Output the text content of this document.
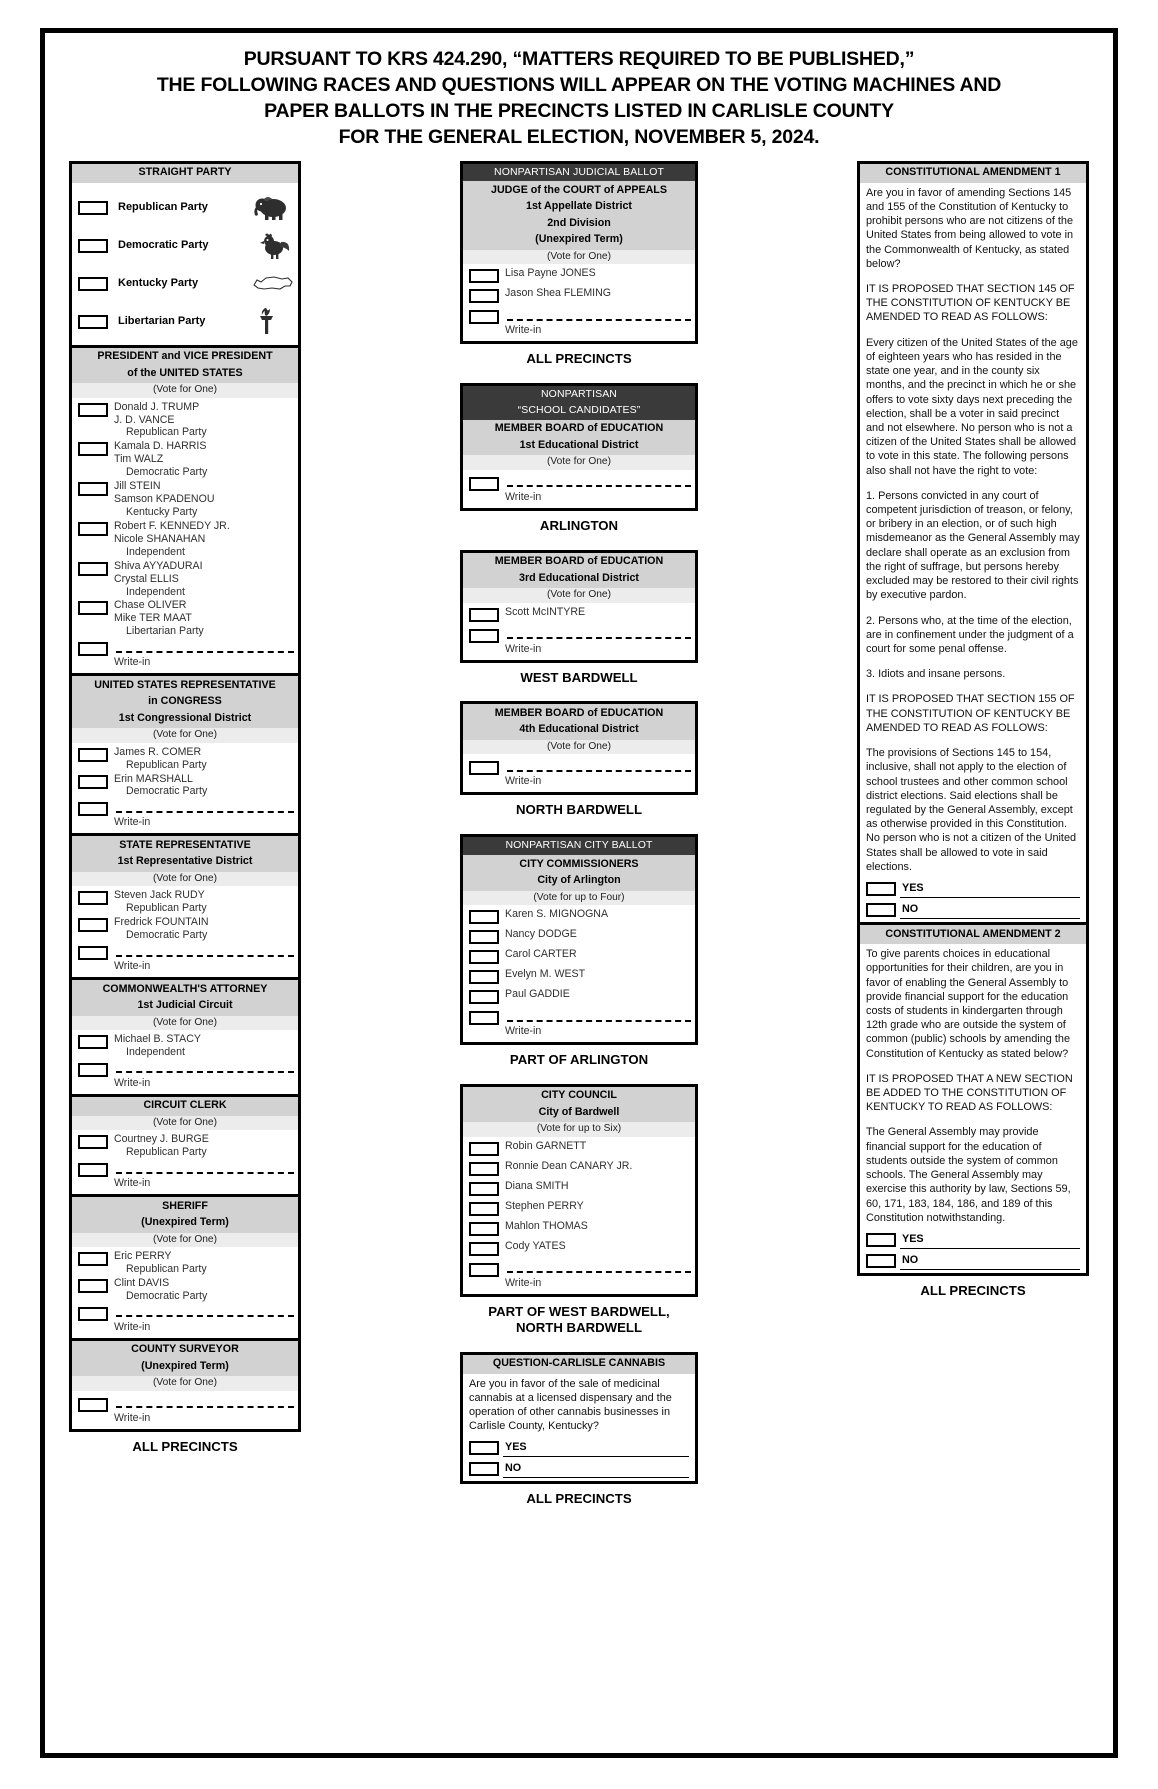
PURSUANT TO KRS 424.290, “MATTERS REQUIRED TO BE PUBLISHED,”
THE FOLLOWING RACES AND QUESTIONS WILL APPEAR ON THE VOTING MACHINES AND
PAPER BALLOTS IN THE PRECINCTS LISTED IN CARLISLE COUNTY
FOR THE GENERAL ELECTION, NOVEMBER 5, 2024.
STRAIGHT PARTY
Republican Party
Democratic Party
Kentucky Party
Libertarian Party
PRESIDENT and VICE PRESIDENT
of the UNITED STATES
(Vote for One)
Donald J. TRUMP
J. D. VANCE
Republican Party
Kamala D. HARRIS
Tim WALZ
Democratic Party
Jill STEIN
Samson KPADENOU
Kentucky Party
Robert F. KENNEDY JR.
Nicole SHANAHAN
Independent
Shiva AYYADURAI
Crystal ELLIS
Independent
Chase OLIVER
Mike TER MAAT
Libertarian Party
Write-in
UNITED STATES REPRESENTATIVE
in CONGRESS
1st Congressional District
(Vote for One)
James R. COMER
Republican Party
Erin MARSHALL
Democratic Party
Write-in
STATE REPRESENTATIVE
1st Representative District
(Vote for One)
Steven Jack RUDY
Republican Party
Fredrick FOUNTAIN
Democratic Party
Write-in
COMMONWEALTH'S ATTORNEY
1st Judicial Circuit
(Vote for One)
Michael B. STACY
Independent
Write-in
CIRCUIT CLERK
(Vote for One)
Courtney J. BURGE
Republican Party
Write-in
SHERIFF
(Unexpired Term)
(Vote for One)
Eric PERRY
Republican Party
Clint DAVIS
Democratic Party
Write-in
COUNTY SURVEYOR
(Unexpired Term)
(Vote for One)
Write-in
ALL PRECINCTS
NONPARTISAN JUDICIAL BALLOT
JUDGE of the COURT of APPEALS
1st Appellate District
2nd Division
(Unexpired Term)
(Vote for One)
Lisa Payne JONES
Jason Shea FLEMING
Write-in
ALL PRECINCTS
NONPARTISAN
“SCHOOL CANDIDATES”
MEMBER BOARD of EDUCATION
1st Educational District
(Vote for One)
Write-in
ARLINGTON
MEMBER BOARD of EDUCATION
3rd Educational District
(Vote for One)
Scott McINTYRE
Write-in
WEST BARDWELL
MEMBER BOARD of EDUCATION
4th Educational District
(Vote for One)
Write-in
NORTH BARDWELL
NONPARTISAN CITY BALLOT
CITY COMMISSIONERS
City of Arlington
(Vote for up to Four)
Karen S. MIGNOGNA
Nancy DODGE
Carol CARTER
Evelyn M. WEST
Paul GADDIE
Write-in
PART OF ARLINGTON
CITY COUNCIL
City of Bardwell
(Vote for up to Six)
Robin GARNETT
Ronnie Dean CANARY JR.
Diana SMITH
Stephen PERRY
Mahlon THOMAS
Cody YATES
Write-in
PART OF WEST BARDWELL,
NORTH BARDWELL
QUESTION-CARLISLE CANNABIS

Are you in favor of the sale of medicinal cannabis at a licensed dispensary and the operation of other cannabis businesses in Carlisle County, Kentucky?

YES
NO
ALL PRECINCTS
CONSTITUTIONAL AMENDMENT 1

Are you in favor of amending Sections 145 and 155 of the Constitution of Kentucky to prohibit persons who are not citizens of the United States from being allowed to vote in the Commonwealth of Kentucky, as stated below?

IT IS PROPOSED THAT SECTION 145 OF THE CONSTITUTION OF KENTUCKY BE AMENDED TO READ AS FOLLOWS:

Every citizen of the United States of the age of eighteen years who has resided in the state one year, and in the county six months, and the precinct in which he or she offers to vote sixty days next preceding the election, shall be a voter in said precinct and not elsewhere. No person who is not a citizen of the United States shall be allowed to vote in this state. The following persons also shall not have the right to vote:

1. Persons convicted in any court of competent jurisdiction of treason, or felony, or bribery in an election, or of such high misdemeanor as the General Assembly may declare shall operate as an exclusion from the right of suffrage, but persons hereby excluded may be restored to their civil rights by executive pardon.

2. Persons who, at the time of the election, are in confinement under the judgment of a court for some penal offense.

3. Idiots and insane persons.

IT IS PROPOSED THAT SECTION 155 OF THE CONSTITUTION OF KENTUCKY BE AMENDED TO READ AS FOLLOWS:

The provisions of Sections 145 to 154, inclusive, shall not apply to the election of school trustees and other common school district elections. Said elections shall be regulated by the General Assembly, except as otherwise provided in this Constitution. No person who is not a citizen of the United States shall be allowed to vote in said elections.

YES
NO
CONSTITUTIONAL AMENDMENT 2

To give parents choices in educational opportunities for their children, are you in favor of enabling the General Assembly to provide financial support for the education costs of students in kindergarten through 12th grade who are outside the system of common (public) schools by amending the Constitution of Kentucky as stated below?

IT IS PROPOSED THAT A NEW SECTION BE ADDED TO THE CONSTITUTION OF KENTUCKY TO READ AS FOLLOWS:

The General Assembly may provide financial support for the education of students outside the system of common schools. The General Assembly may exercise this authority by law, Sections 59, 60, 171, 183, 184, 186, and 189 of this Constitution notwithstanding.

YES
NO
ALL PRECINCTS
